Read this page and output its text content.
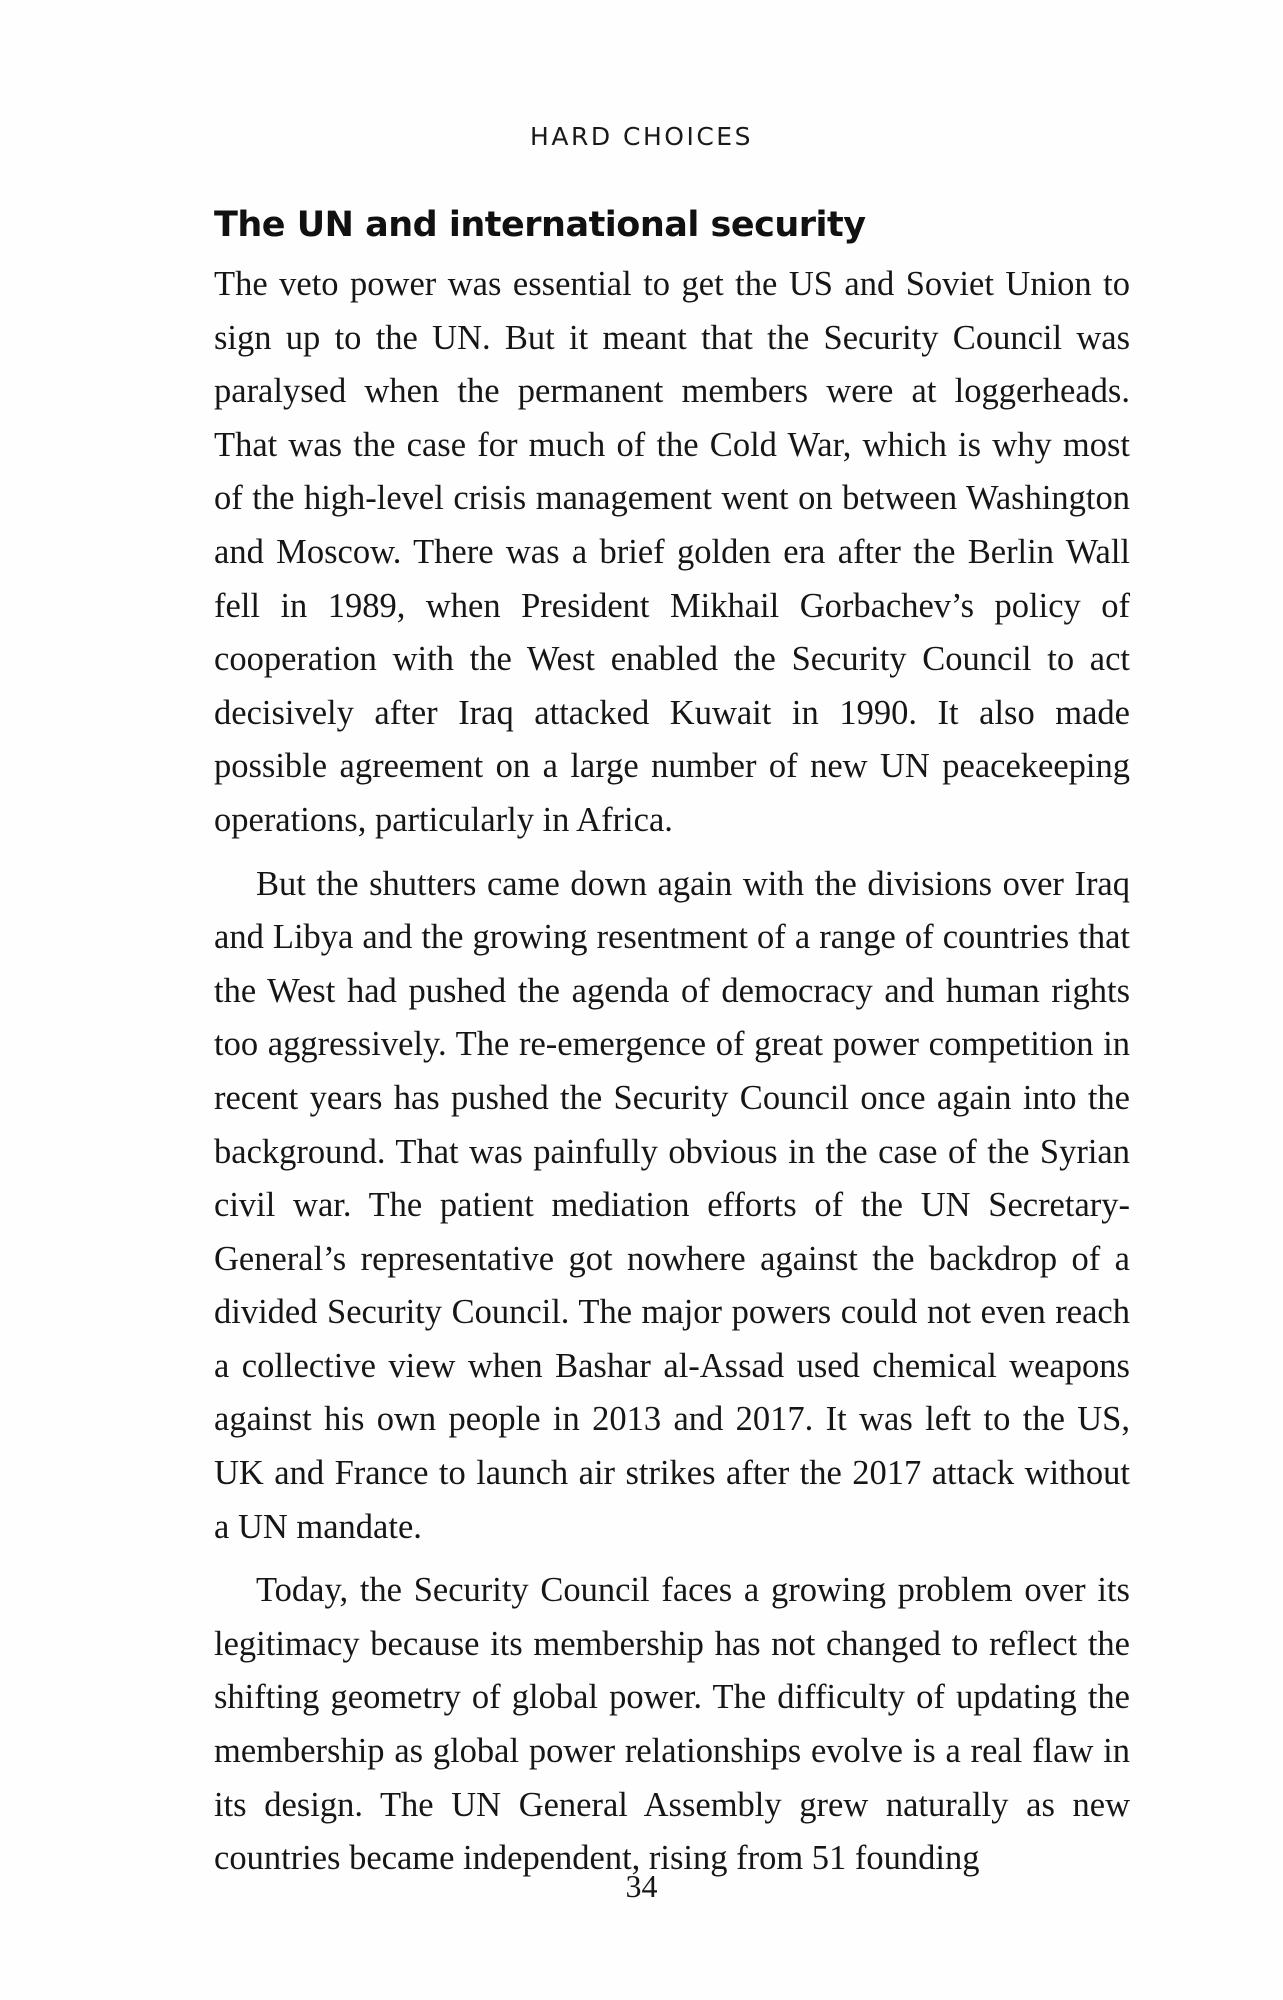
HARD CHOICES
The UN and international security

The veto power was essential to get the US and Soviet Union to sign up to the UN. But it meant that the Security Council was paralysed when the permanent members were at loggerheads. That was the case for much of the Cold War, which is why most of the high-level crisis management went on between Washington and Moscow. There was a brief golden era after the Berlin Wall fell in 1989, when President Mikhail Gorbachev’s policy of cooperation with the West enabled the Security Council to act decisively after Iraq attacked Kuwait in 1990. It also made possible agreement on a large number of new UN peacekeeping operations, particularly in Africa.

But the shutters came down again with the divisions over Iraq and Libya and the growing resentment of a range of countries that the West had pushed the agenda of democracy and human rights too aggressively. The re-emergence of great power competition in recent years has pushed the Security Council once again into the background. That was painfully obvious in the case of the Syrian civil war. The patient mediation efforts of the UN Secretary-General’s representative got nowhere against the backdrop of a divided Security Council. The major powers could not even reach a collective view when Bashar al-Assad used chemical weapons against his own people in 2013 and 2017. It was left to the US, UK and France to launch air strikes after the 2017 attack without a UN mandate.

Today, the Security Council faces a growing problem over its legitimacy because its membership has not changed to reflect the shifting geometry of global power. The difficulty of updating the membership as global power relationships evolve is a real flaw in its design. The UN General Assembly grew naturally as new countries became independent, rising from 51 founding

34
